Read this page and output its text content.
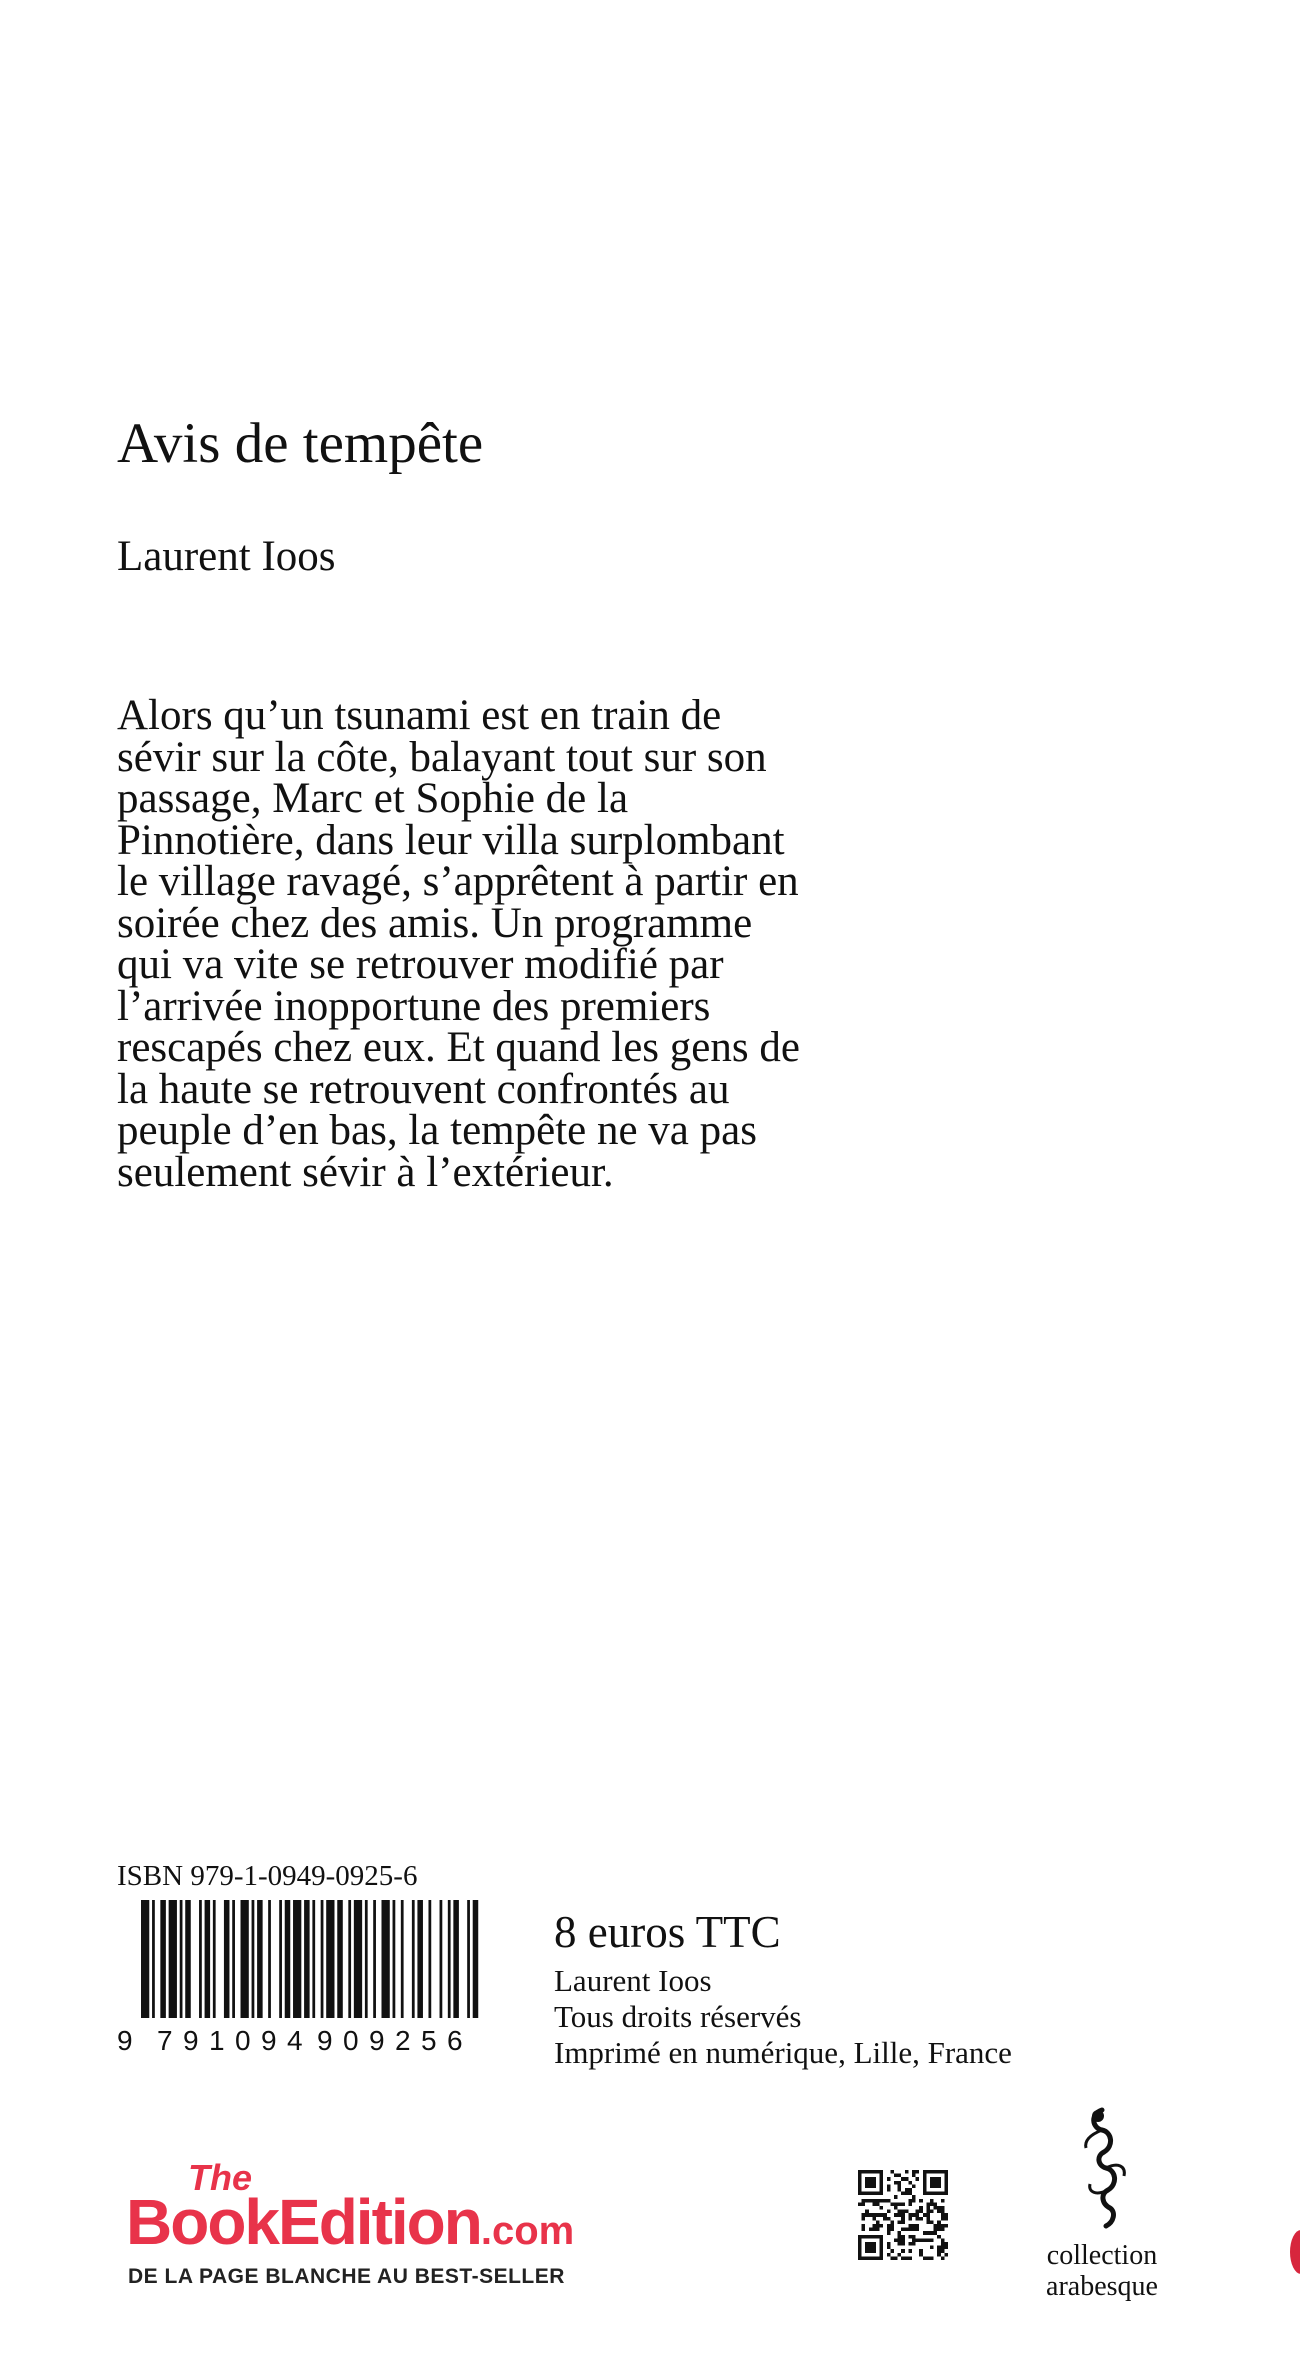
Avis de tempête
Laurent Ioos
Alors qu’un tsunami est en train de
sévir sur la côte, balayant tout sur son
passage, Marc et Sophie de la
Pinnotière, dans leur villa surplombant
le village ravagé, s’apprêtent à partir en
soirée chez des amis. Un programme
qui va vite se retrouver modifié par
l’arrivée inopportune des premiers
rescapés chez eux. Et quand les gens de
la haute se retrouvent confrontés au
peuple d’en bas, la tempête ne va pas
seulement sévir à l’extérieur.
ISBN 979-1-0949-0925-6
9 7 9 1 0 9 4 9 0 9 2 5 6
8 euros TTC
Laurent Ioos
Tous droits réservés
Imprimé en numérique, Lille, France
The
BookEdition.com
DE LA PAGE BLANCHE AU BEST-SELLER
collection
arabesque
